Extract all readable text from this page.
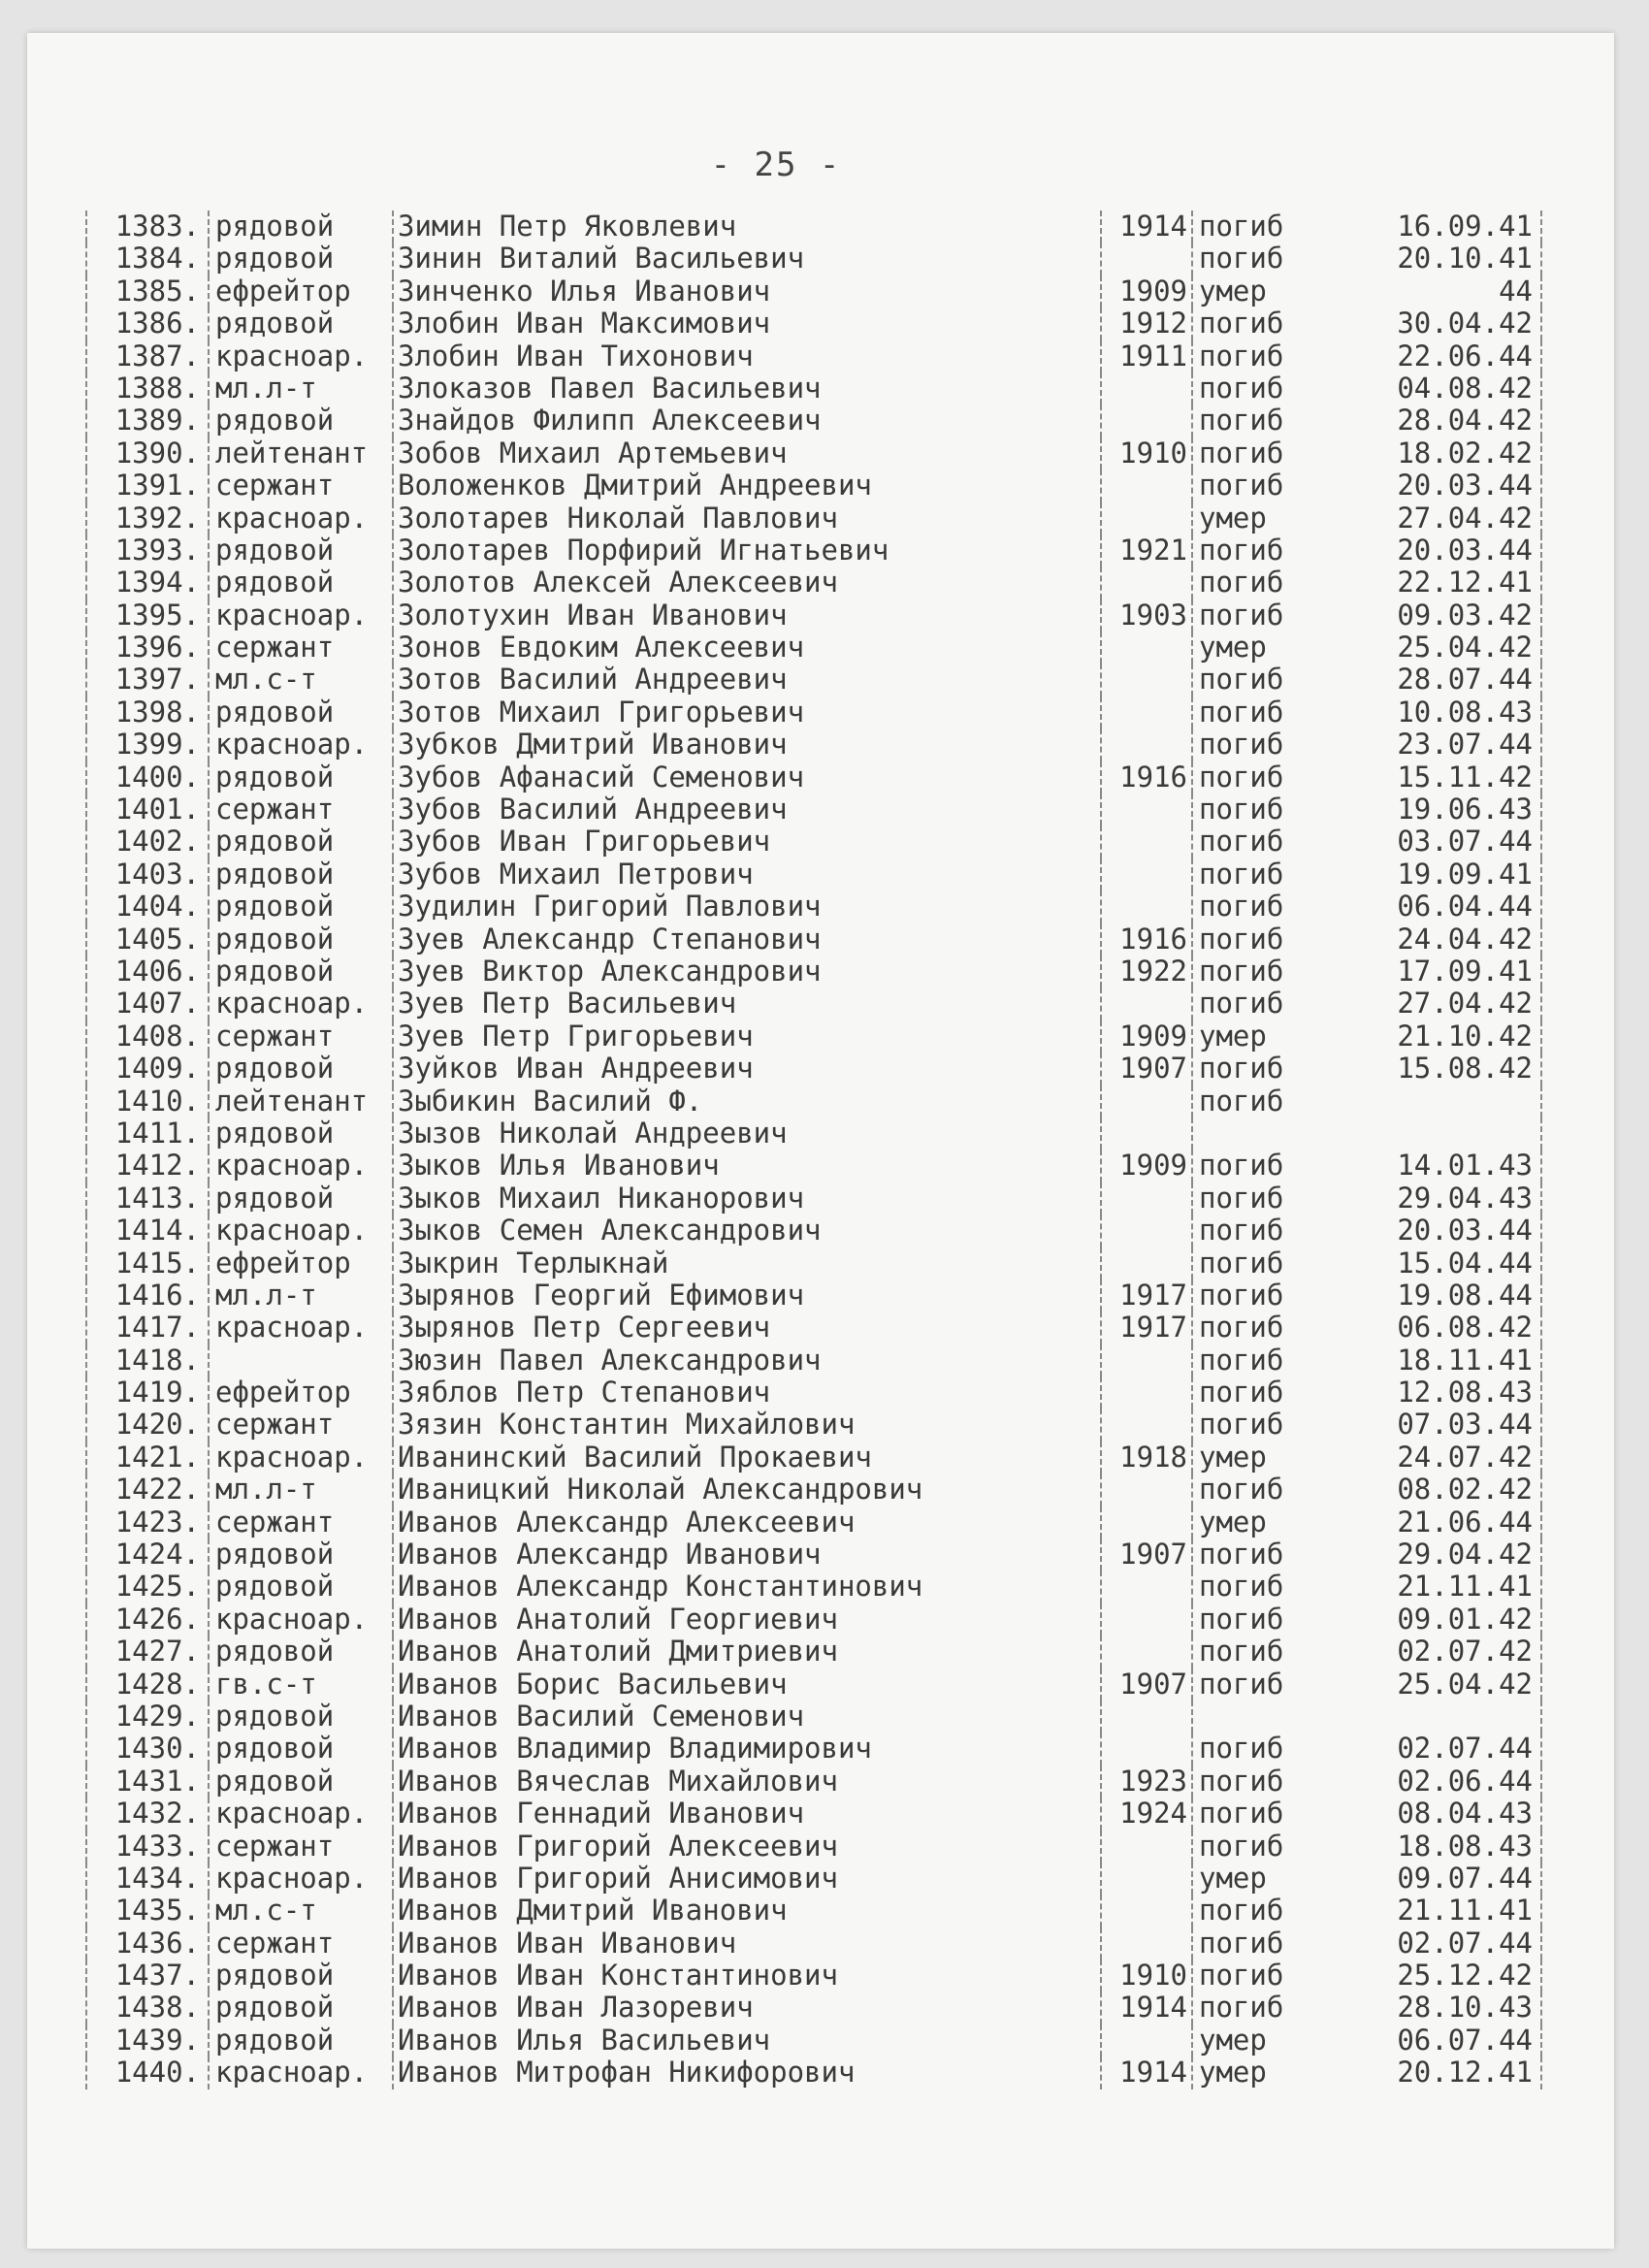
- 25 -
1383. рядовой	Зимин Петр Яковлевич	1914 погиб	16.09.41
1384. рядовой	Зинин Виталий Васильевич	погиб	20.10.41
1385. ефрейтор	Зинченко Илья Иванович	1909 умер	44
1386. рядовой	Злобин Иван Максимович	1912 погиб	30.04.42
1387. красноар.	Злобин Иван Тихонович	1911 погиб	22.06.44
1388. мл.л-т	Злоказов Павел Васильевич	погиб	04.08.42
1389. рядовой	Знайдов Филипп Алексеевич	погиб	28.04.42
1390. лейтенант	Зобов Михаил Артемьевич	1910 погиб	18.02.42
1391. сержант	Воложенков Дмитрий Андреевич	погиб	20.03.44
1392. красноар.	Золотарев Николай Павлович	умер	27.04.42
1393. рядовой	Золотарев Порфирий Игнатьевич	1921 погиб	20.03.44
1394. рядовой	Золотов Алексей Алексеевич	погиб	22.12.41
1395. красноар.	Золотухин Иван Иванович	1903 погиб	09.03.42
1396. сержант	Зонов Евдоким Алексеевич	умер	25.04.42
1397. мл.с-т	Зотов Василий Андреевич	погиб	28.07.44
1398. рядовой	Зотов Михаил Григорьевич	погиб	10.08.43
1399. красноар.	Зубков Дмитрий Иванович	погиб	23.07.44
1400. рядовой	Зубов Афанасий Семенович	1916 погиб	15.11.42
1401. сержант	Зубов Василий Андреевич	погиб	19.06.43
1402. рядовой	Зубов Иван Григорьевич	погиб	03.07.44
1403. рядовой	Зубов Михаил Петрович	погиб	19.09.41
1404. рядовой	Зудилин Григорий Павлович	погиб	06.04.44
1405. рядовой	Зуев Александр Степанович	1916 погиб	24.04.42
1406. рядовой	Зуев Виктор Александрович	1922 погиб	17.09.41
1407. красноар.	Зуев Петр Васильевич	погиб	27.04.42
1408. сержант	Зуев Петр Григорьевич	1909 умер	21.10.42
1409. рядовой	Зуйков Иван Андреевич	1907 погиб	15.08.42
1410. лейтенант	Зыбикин Василий Ф.	погиб
1411. рядовой	Зызов Николай Андреевич
1412. красноар.	Зыков Илья Иванович	1909 погиб	14.01.43
1413. рядовой	Зыков Михаил Никанорович	погиб	29.04.43
1414. красноар.	Зыков Семен Александрович	погиб	20.03.44
1415. ефрейтор	Зыкрин Терлыкнай	погиб	15.04.44
1416. мл.л-т	Зырянов Георгий Ефимович	1917 погиб	19.08.44
1417. красноар.	Зырянов Петр Сергеевич	1917 погиб	06.08.42
1418.	Зюзин Павел Александрович	погиб	18.11.41
1419. ефрейтор	Зяблов Петр Степанович	погиб	12.08.43
1420. сержант	Зязин Константин Михайлович	погиб	07.03.44
1421. красноар.	Иванинский Василий Прокаевич	1918 умер	24.07.42
1422. мл.л-т	Иваницкий Николай Александрович	погиб	08.02.42
1423. сержант	Иванов Александр Алексеевич	умер	21.06.44
1424. рядовой	Иванов Александр Иванович	1907 погиб	29.04.42
1425. рядовой	Иванов Александр Константинович	погиб	21.11.41
1426. красноар.	Иванов Анатолий Георгиевич	погиб	09.01.42
1427. рядовой	Иванов Анатолий Дмитриевич	погиб	02.07.42
1428. гв.с-т	Иванов Борис Васильевич	1907 погиб	25.04.42
1429. рядовой	Иванов Василий Семенович
1430. рядовой	Иванов Владимир Владимирович	погиб	02.07.44
1431. рядовой	Иванов Вячеслав Михайлович	1923 погиб	02.06.44
1432. красноар.	Иванов Геннадий Иванович	1924 погиб	08.04.43
1433. сержант	Иванов Григорий Алексеевич	погиб	18.08.43
1434. красноар.	Иванов Григорий Анисимович	умер	09.07.44
1435. мл.с-т	Иванов Дмитрий Иванович	погиб	21.11.41
1436. сержант	Иванов Иван Иванович	погиб	02.07.44
1437. рядовой	Иванов Иван Константинович	1910 погиб	25.12.42
1438. рядовой	Иванов Иван Лазоревич	1914 погиб	28.10.43
1439. рядовой	Иванов Илья Васильевич	умер	06.07.44
1440. красноар.	Иванов Митрофан Никифорович	1914 умер	20.12.41
